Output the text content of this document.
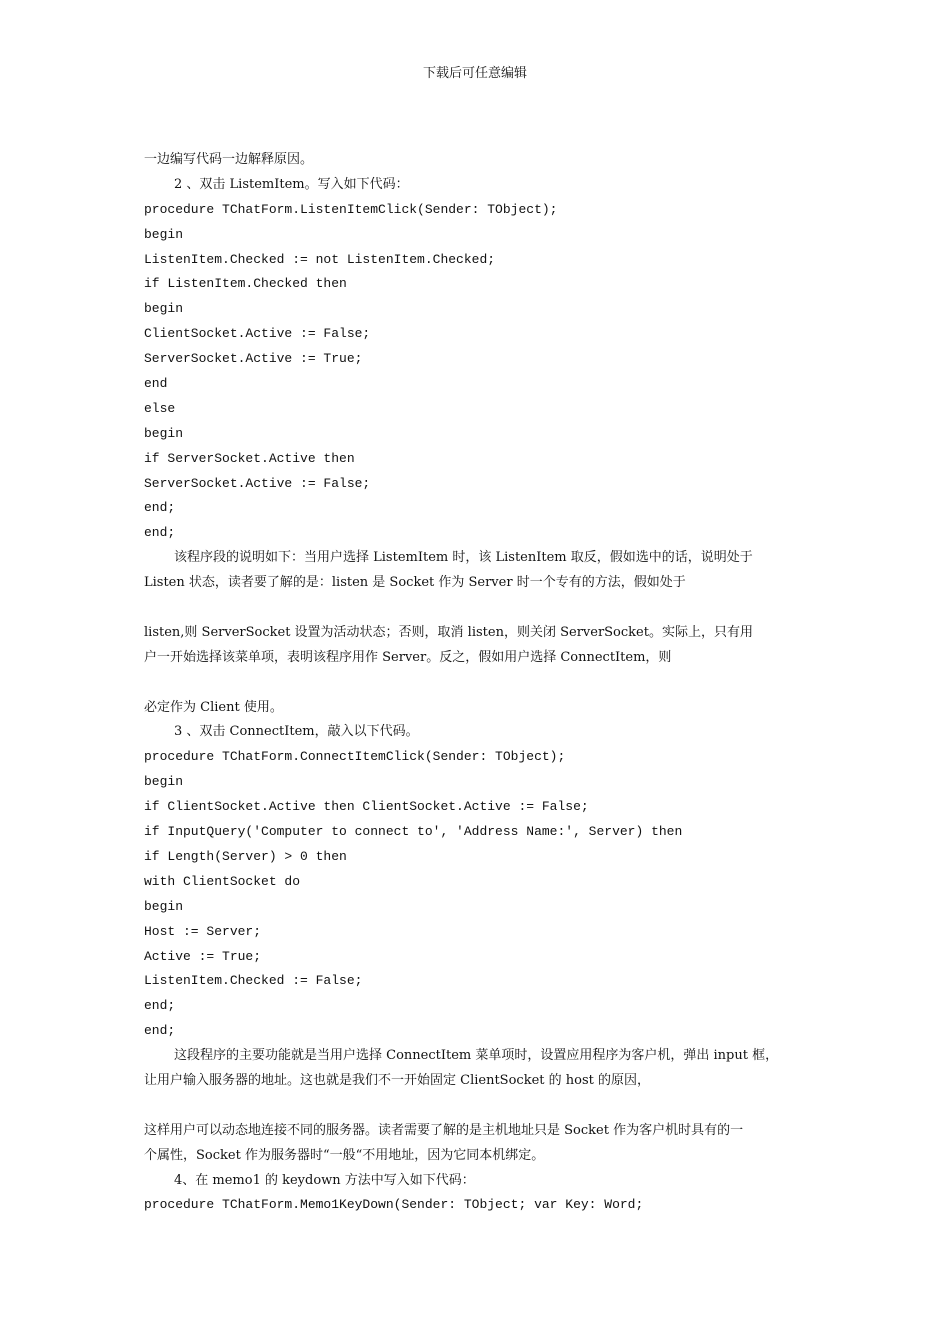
下载后可任意编辑
一边编写代码一边解释原因。
2 、双击 ListemItem。写入如下代码：
procedure TChatForm.ListenItemClick(Sender: TObject);
begin
ListenItem.Checked := not ListenItem.Checked;
if ListenItem.Checked then
begin
ClientSocket.Active := False;
ServerSocket.Active := True;
end
else
begin
if ServerSocket.Active then
ServerSocket.Active := False;
end;
end;
该程序段的说明如下：当用户选择 ListemItem 时，该 ListenItem 取反，假如选中的话，说明处于
Listen 状态，读者要了解的是：listen 是 Socket 作为 Server 时一个专有的方法，假如处于
listen,则 ServerSocket 设置为活动状态；否则，取消 listen，则关闭 ServerSocket。实际上，只有用
户一开始选择该菜单项，表明该程序用作 Server。反之，假如用户选择 ConnectItem，则
必定作为 Client 使用。
3 、双击 ConnectItem，敲入以下代码。
procedure TChatForm.ConnectItemClick(Sender: TObject);
begin
if ClientSocket.Active then ClientSocket.Active := False;
if InputQuery('Computer to connect to', 'Address Name:', Server) then
if Length(Server) > 0 then
with ClientSocket do
begin
Host := Server;
Active := True;
ListenItem.Checked := False;
end;
end;
这段程序的主要功能就是当用户选择 ConnectItem 菜单项时，设置应用程序为客户机，弹出 input 框，
让用户输入服务器的地址。这也就是我们不一开始固定 ClientSocket 的 host 的原因，
这样用户可以动态地连接不同的服务器。读者需要了解的是主机地址只是 Socket 作为客户机时具有的一
个属性，Socket 作为服务器时“一般“不用地址，因为它同本机绑定。
4、在 memo1 的 keydown 方法中写入如下代码：
procedure TChatForm.Memo1KeyDown(Sender: TObject; var Key: Word;
